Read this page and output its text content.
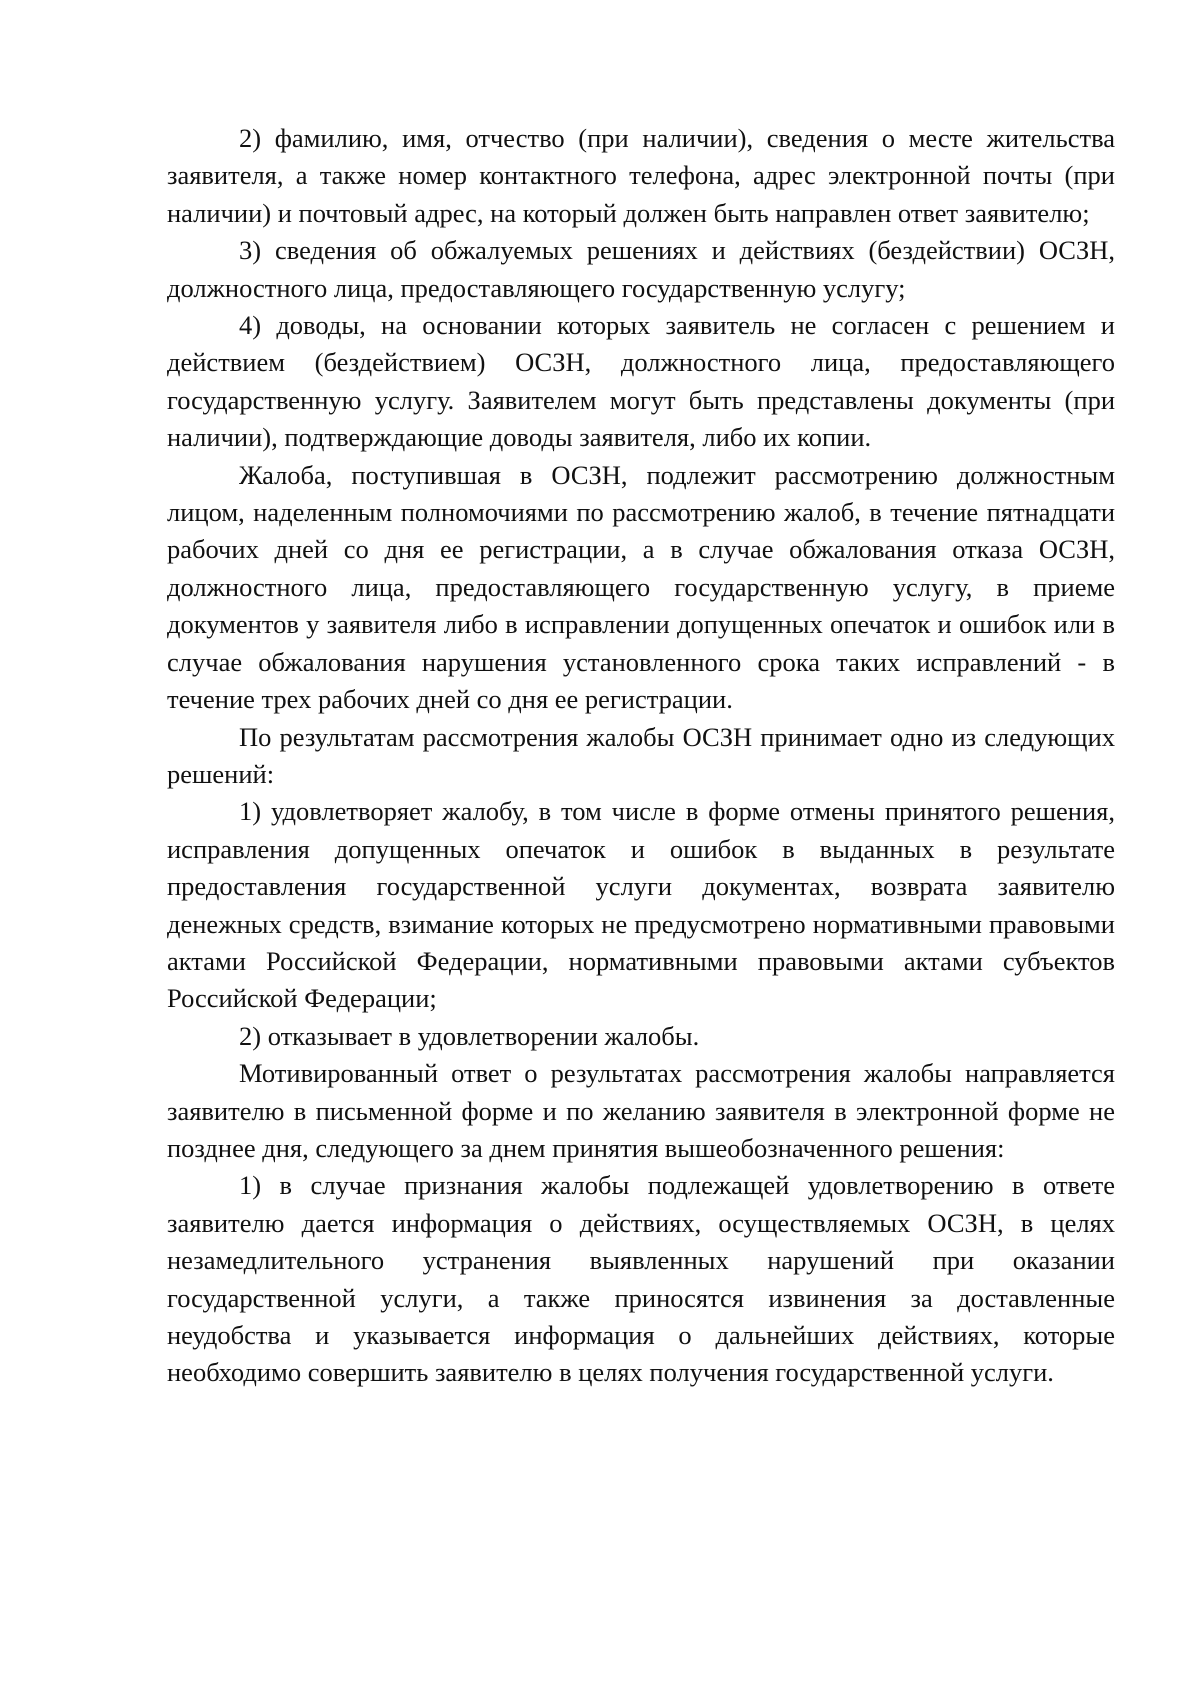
2) фамилию, имя, отчество (при наличии), сведения о месте жительства заявителя, а также номер контактного телефона, адрес электронной почты (при наличии) и почтовый адрес, на который должен быть направлен ответ заявителю;

3) сведения об обжалуемых решениях и действиях (бездействии) ОСЗН, должностного лица, предоставляющего государственную услугу;

4) доводы, на основании которых заявитель не согласен с решением и действием (бездействием) ОСЗН, должностного лица, предоставляющего государственную услугу. Заявителем могут быть представлены документы (при наличии), подтверждающие доводы заявителя, либо их копии.

Жалоба, поступившая в ОСЗН, подлежит рассмотрению должностным лицом, наделенным полномочиями по рассмотрению жалоб, в течение пятнадцати рабочих дней со дня ее регистрации, а в случае обжалования отказа ОСЗН, должностного лица, предоставляющего государственную услугу, в приеме документов у заявителя либо в исправлении допущенных опечаток и ошибок или в случае обжалования нарушения установленного срока таких исправлений - в течение трех рабочих дней со дня ее регистрации.

По результатам рассмотрения жалобы ОСЗН принимает одно из следующих решений:

1) удовлетворяет жалобу, в том числе в форме отмены принятого решения, исправления допущенных опечаток и ошибок в выданных в результате предоставления государственной услуги документах, возврата заявителю денежных средств, взимание которых не предусмотрено нормативными правовыми актами Российской Федерации, нормативными правовыми актами субъектов Российской Федерации;

2) отказывает в удовлетворении жалобы.

Мотивированный ответ о результатах рассмотрения жалобы направляется заявителю в письменной форме и по желанию заявителя в электронной форме не позднее дня, следующего за днем принятия вышеобозначенного решения:

1) в случае признания жалобы подлежащей удовлетворению в ответе заявителю дается информация о действиях, осуществляемых ОСЗН, в целях незамедлительного устранения выявленных нарушений при оказании государственной услуги, а также приносятся извинения за доставленные неудобства и указывается информация о дальнейших действиях, которые необходимо совершить заявителю в целях получения государственной услуги.
